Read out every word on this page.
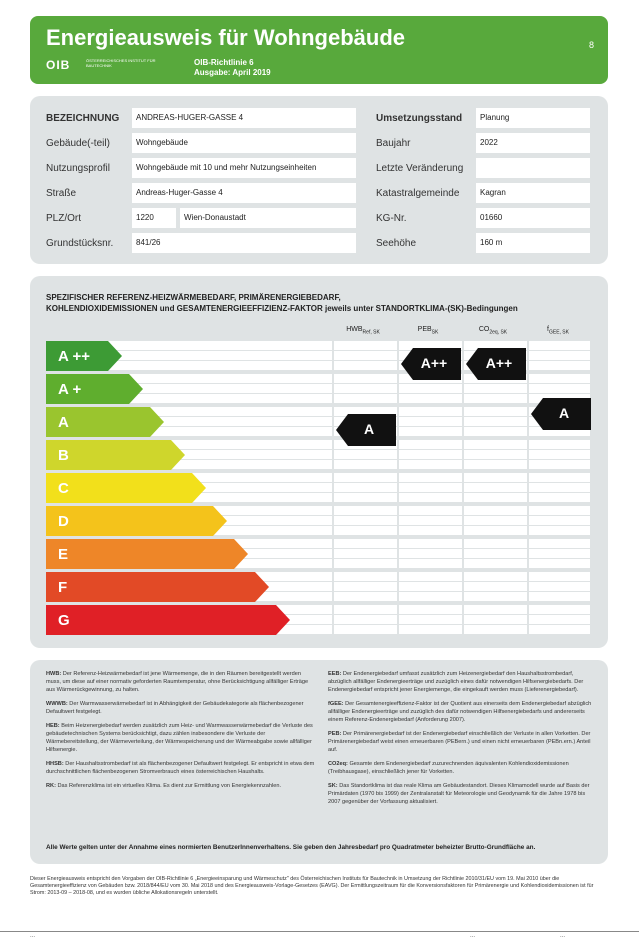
Energieausweis für Wohngebäude	8
OIB	ÖSTERREICHISCHES INSTITUT FÜR BAUTECHNIK	OIB-Richtlinie 6
Ausgabe: April 2019
BEZEICHNUNG	ANDREAS-HUGER-GASSE 4	Umsetzungsstand	Planung
Gebäude(-teil)	Wohngebäude	Baujahr	2022
Nutzungsprofil	Wohngebäude mit 10 und mehr Nutzungseinheiten	Letzte Veränderung
Straße	Andreas-Huger-Gasse 4	Katastralgemeinde	Kagran
PLZ/Ort	1220	Wien-Donaustadt	KG-Nr.	01660
Grundstücksnr.	841/26	Seehöhe	160 m
SPEZIFISCHER REFERENZ-HEIZWÄRMEBEDARF, PRIMÄRENERGIEBEDARF,
KOHLENDIOXIDEMISSIONEN und GESAMTENERGIEEFFIZIENZ-FAKTOR jeweils unter STANDORTKLIMA-(SK)-Bedingungen
$HWB_{Ref, SK}$	$PEB_{SK}$	$CO_{2eq, SK}$	$f_{GEE, SK}$
A ++
A +
A
B
C
D
E
F
G
A
A++	A++
A

HWB: Der Referenz-Heizwärmebedarf ist jene Wärmemenge, die in den Räumen bereitgestellt werden muss, um diese auf einer normativ geforderten Raumtemperatur, ohne Berücksichtigung allfälliger Erträge aus Wärmerückgewinnung, zu halten.

WWWB: Der Warmwasserwärmebedarf ist in Abhängigkeit der Gebäudekategorie als flächenbezogener Defaultwert festgelegt.

HEB: Beim Heizenergiebedarf werden zusätzlich zum Heiz- und Warmwasserwärmebedarf die Verluste des gebäudetechnischen Systems berücksichtigt, dazu zählen insbesondere die Verluste der Wärmebereitstellung, der Wärmeverteilung, der Wärmespeicherung und der Wärmeabgabe sowie allfälliger Hilfsenergie.

HHSB: Der Haushaltsstrombedarf ist als flächenbezogener Defaultwert festgelegt. Er entspricht in etwa dem durchschnittlichen flächenbezogenen Stromverbrauch eines österreichischen Haushalts.

RK: Das Referenzklima ist ein virtuelles Klima. Es dient zur Ermittlung von Energiekennzahlen.

EEB: Der Endenergiebedarf umfasst zusätzlich zum Heizenergiebedarf den Haushaltsstrombedarf, abzüglich allfälliger Endenergieerträge und zuzüglich eines dafür notwendigen Hilfsenergiebedarfs. Der Endenergiebedarf entspricht jener Energiemenge, die eingekauft werden muss (Lieferenergiebedarf).

fGEE: Der Gesamtenergieeffizienz-Faktor ist der Quotient aus einerseits dem Endenergiebedarf abzüglich allfälliger Endenergieerträge und zuzüglich des dafür notwendigen Hilfsenergiebedarfs und andererseits einem Referenz-Endenergiebedarf (Anforderung 2007).

PEB: Der Primärenergiebedarf ist der Endenergiebedarf einschließlich der Verluste in allen Vorketten. Der Primärenergiebedarf weist einen erneuerbaren (PEBern.) und einen nicht erneuerbaren (PEBn.ern.) Anteil auf.

CO2eq: Gesamte dem Endenergiebedarf zuzurechnenden äquivalenten Kohlendioxidemissionen (Treibhausgase), einschließlich jener für Vorketten.

SK: Das Standortklima ist das reale Klima am Gebäudestandort. Dieses Klimamodell wurde auf Basis der Primärdaten (1970 bis 1999) der Zentralanstalt für Meteorologie und Geodynamik für die Jahre 1978 bis 2007 gegenüber der Vorfassung aktualisiert.

Alle Werte gelten unter der Annahme eines normierten BenutzerInnenverhaltens. Sie geben den Jahresbedarf pro Quadratmeter beheizter Brutto-Grundfläche an.
Dieser Energieausweis entspricht den Vorgaben der OIB-Richtlinie 6 „Energieeinsparung und Wärmeschutz" des Österreichischen Instituts für Bautechnik in Umsetzung der Richtlinie 2010/31/EU vom 19. Mai 2010 über die Gesamtenergieeffizienz von Gebäuden bzw. 2018/844/EU vom 30. Mai 2018 und des Energieausweis-Vorlage-Gesetzes (EAVG). Der Ermittlungszeitraum für die Konversionsfaktoren für Primärenergie und Kohlendioxidemissionen ist für Strom: 2013-09 – 2018-08, und es wurden übliche Allokationsregeln unterstellt.
...	...	...
